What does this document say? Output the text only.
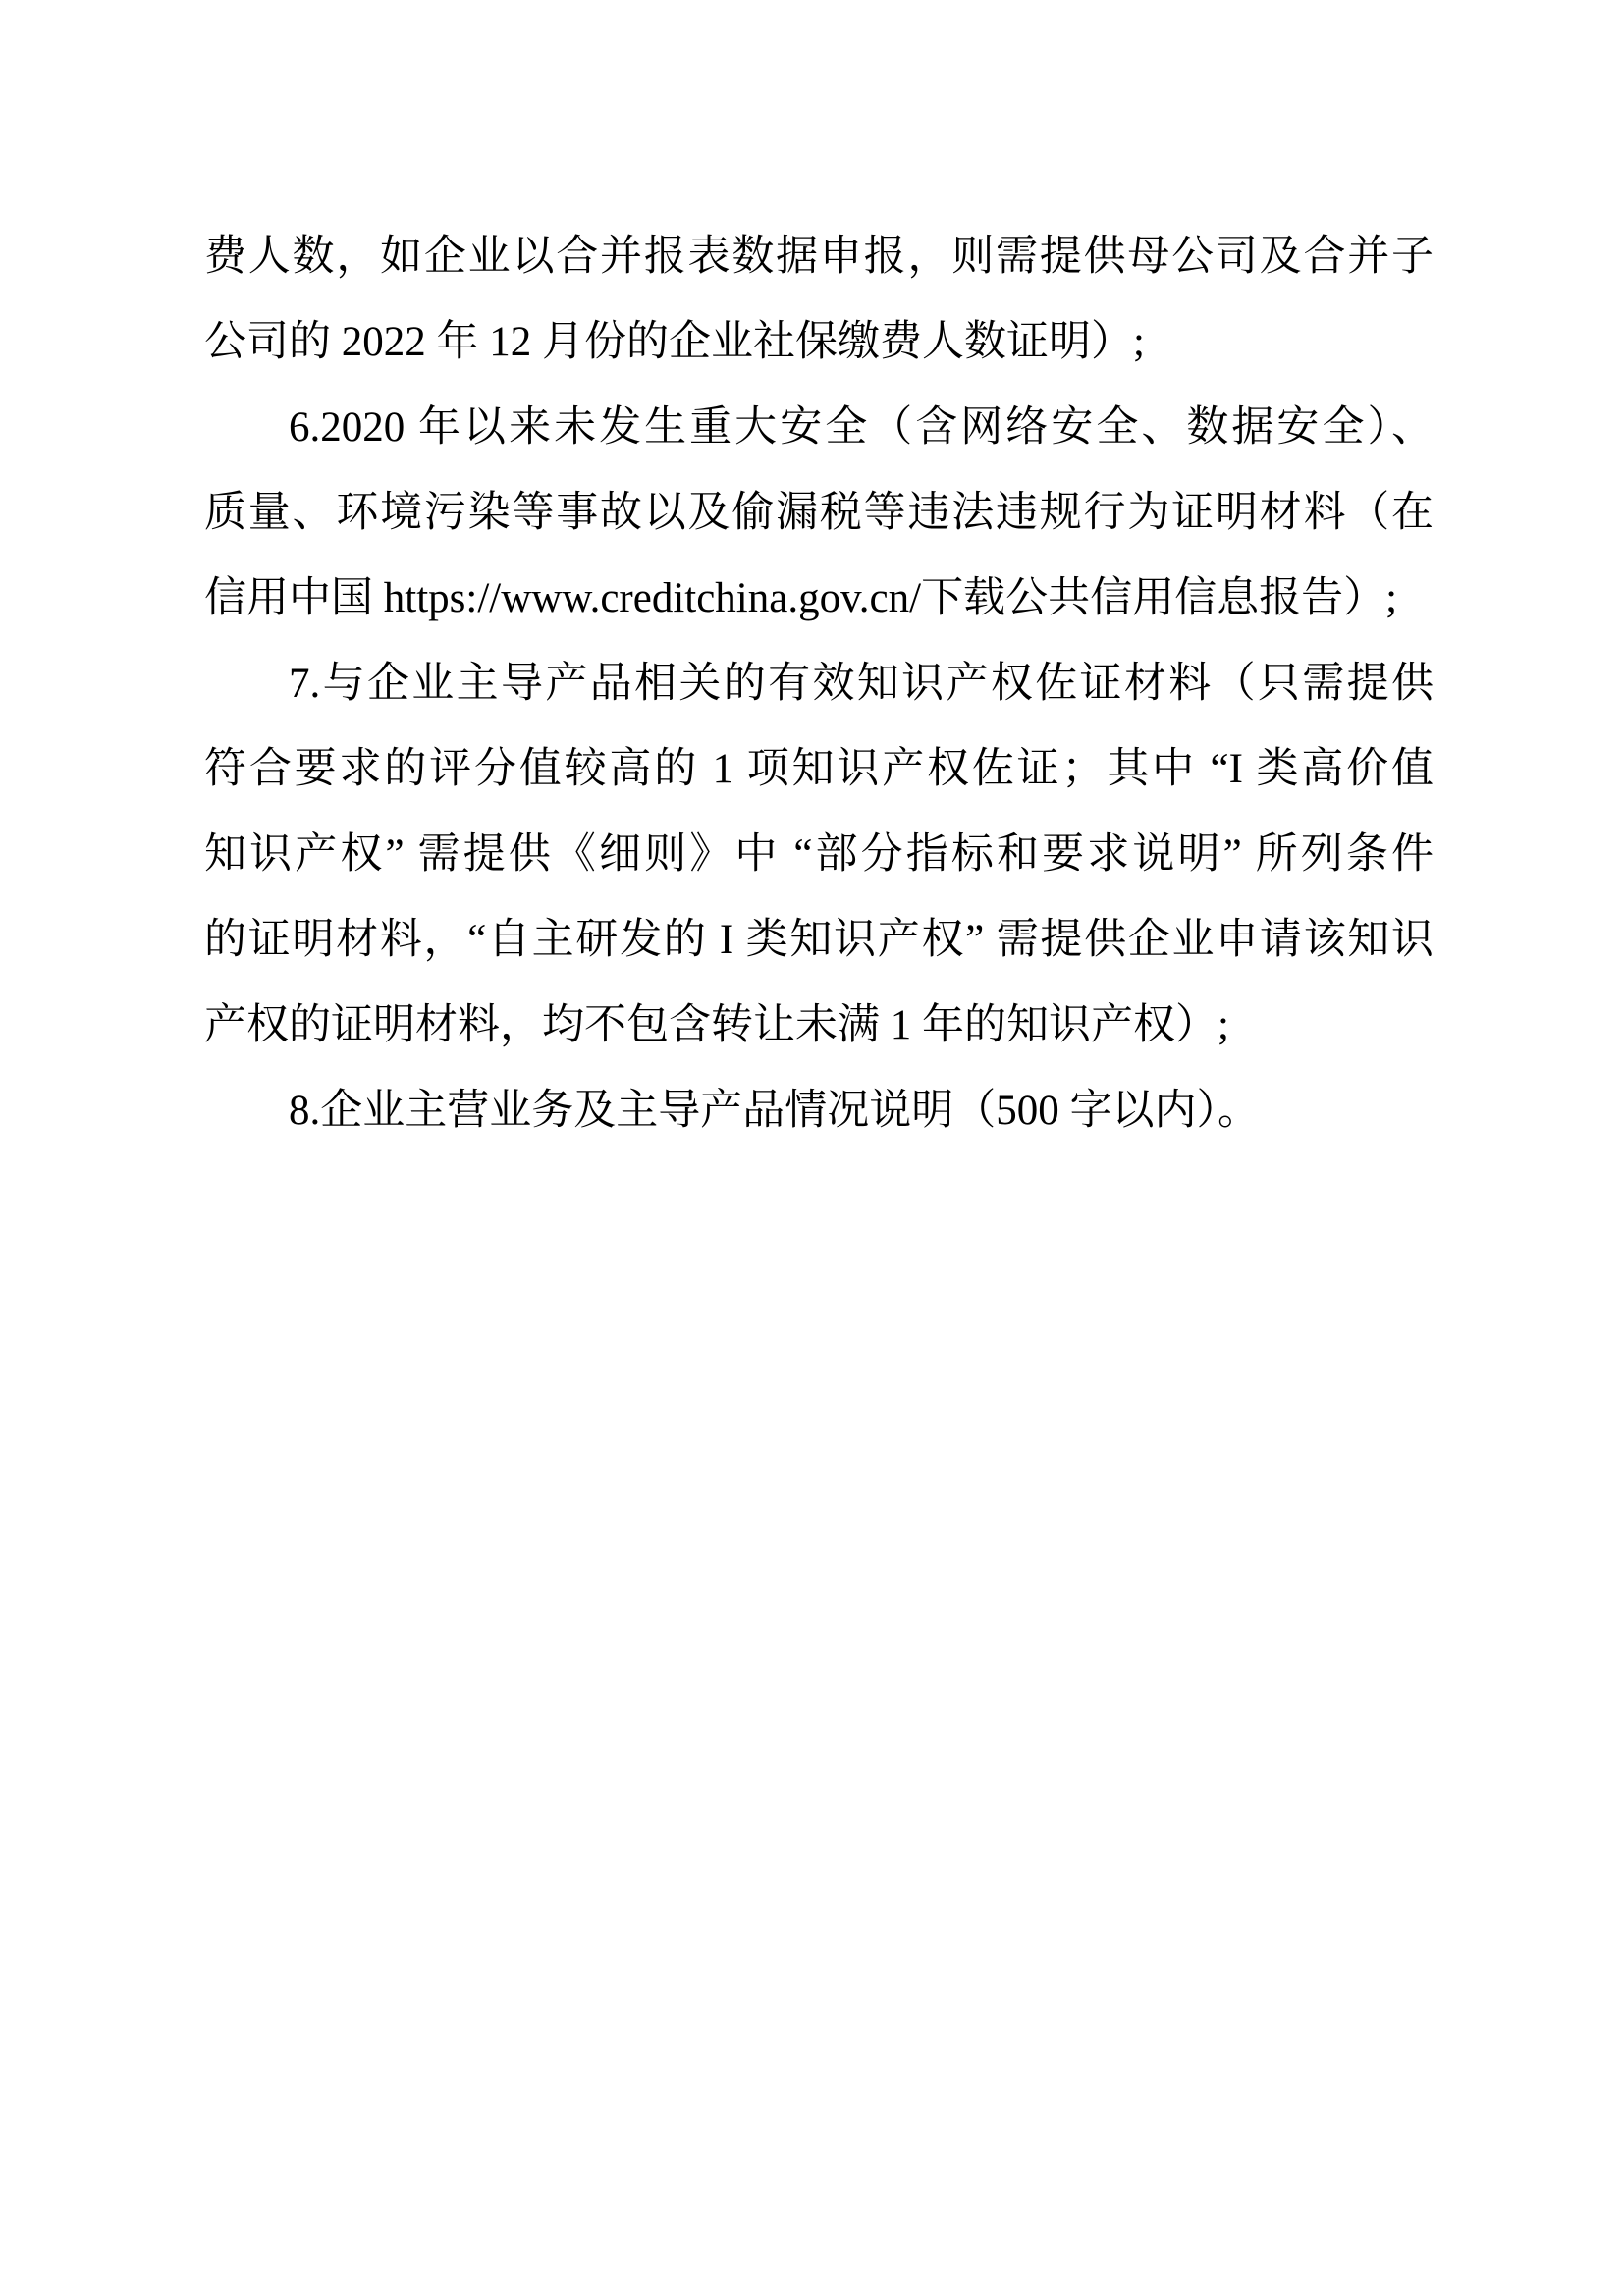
费人数，如企业以合并报表数据申报，则需提供母公司及合并子
公司的 2022 年 12 月份的企业社保缴费人数证明）;
6.2020 年以来未发生重大安全（含网络安全、数据安全）、
质量、环境污染等事故以及偷漏税等违法违规行为证明材料（在
信用中国 https://www.creditchina.gov.cn/下载公共信用信息报告）;
7.与企业主导产品相关的有效知识产权佐证材料（只需提供
符合要求的评分值较高的 1 项知识产权佐证；其中 “I 类高价值
知识产权” 需提供《细则》中 “部分指标和要求说明” 所列条件
的证明材料，“自主研发的 I 类知识产权” 需提供企业申请该知识
产权的证明材料，均不包含转让未满 1 年的知识产权）;
8.企业主营业务及主导产品情况说明（500 字以内）。
